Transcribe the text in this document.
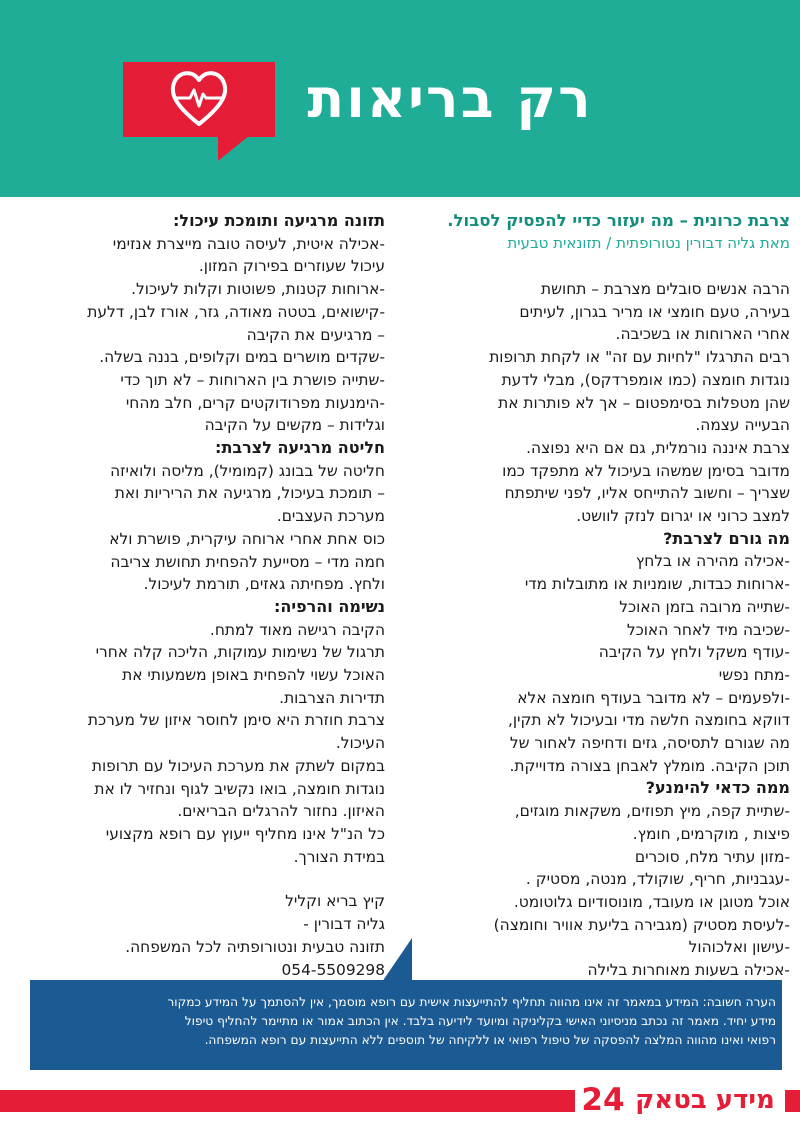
רק בריאות
צרבת כרונית – מה יעזור כדיי להפסיק לסבול.
מאת גליה דבורין נטורופתית / תזונאית טבעית
הרבה אנשים סובלים מצרבת – תחושת
בעירה, טעם חומצי או מריר בגרון, לעיתים
אחרי הארוחות או בשכיבה.
רבים התרגלו "לחיות עם זה" או לקחת תרופות
נוגדות חומצה (כמו אומפרדקס), מבלי לדעת
שהן מטפלות בסימפטום – אך לא פותרות את
הבעייה עצמה.
צרבת איננה נורמלית, גם אם היא נפוצה.
מדובר בסימן שמשהו בעיכול לא מתפקד כמו
שצריך – וחשוב להתייחס אליו, לפני שיתפתח
למצב כרוני או יגרום לנזק לוושט.
מה גורם לצרבת?
-אכילה מהירה או בלחץ
-ארוחות כבדות, שומניות או מתובלות מדי
-שתייה מרובה בזמן האוכל
-שכיבה מיד לאחר האוכל
-עודף משקל ולחץ על הקיבה
-מתח נפשי
-ולפעמים – לא מדובר בעודף חומצה אלא
דווקא בחומצה חלשה מדי ובעיכול לא תקין,
מה שגורם לתסיסה, גזים ודחיפה לאחור של
תוכן הקיבה. מומלץ לאבחן בצורה מדוייקת.
ממה כדאי להימנע?
-שתיית קפה, מיץ תפוזים, משקאות מוגזים,
פיצות , מוקרמים, חומץ.
-מזון עתיר מלח, סוכרים
-עגבניות, חריף, שוקולד, מנטה, מסטיק .
אוכל מטוגן או מעובד, מונוסודיום גלוטומט.
-לעיסת מסטיק (מגבירה בליעת אוויר וחומצה)
-עישון ואלכוהול
-אכילה בשעות מאוחרות בלילה
תזונה מרגיעה ותומכת עיכול:
-אכילה איטית, לעיסה טובה מייצרת אנזימי
עיכול שעוזרים בפירוק המזון.
-ארוחות קטנות, פשוטות וקלות לעיכול.
-קישואים, בטטה מאודה, גזר, אורז לבן, דלעת
– מרגיעים את הקיבה
-שקדים מושרים במים וקלופים, בננה בשלה.
-שתייה פושרת בין הארוחות – לא תוך כדי
-הימנעות מפרודוקטים קרים, חלב מהחי
וגלידות – מקשים על הקיבה
חליטה מרגיעה לצרבת:
חליטה של בבונג (קמומיל), מליסה ולואיזה
– תומכת בעיכול, מרגיעה את הריריות ואת
מערכת העצבים.
כוס אחת אחרי ארוחה עיקרית, פושרת ולא
חמה מדי – מסייעת להפחית תחושת צריבה
ולחץ. מפחיתה גאזים, תורמת לעיכול.
נשימה והרפיה:
הקיבה רגישה מאוד למתח.
תרגול של נשימות עמוקות, הליכה קלה אחרי
האוכל עשוי להפחית באופן משמעותי את
תדירות הצרבות.
צרבת חוזרת היא סימן לחוסר איזון של מערכת
העיכול.
במקום לשתק את מערכת העיכול עם תרופות
נוגדות חומצה, בואו נקשיב לגוף ונחזיר לו את
האיזון. נחזור להרגלים הבריאים.
כל הנ"ל אינו מחליף ייעוץ עם רופא מקצועי
במידת הצורך.
קיץ בריא וקליל
גליה דבורין -
תזונה טבעית ונטורופתיה לכל המשפחה.
054-5509298
הערה חשובה: המידע במאמר זה אינו מהווה תחליף להתייעצות אישית עם רופא מוסמך, אין להסתמך על המידע כמקור
מידע יחיד. מאמר זה נכתב מניסיוני האישי בקליניקה ומיועד לידיעה בלבד. אין הכתוב אמור או מתיימר להחליף טיפול
רפואי ואינו מהווה המלצה להפסקה של טיפול רפואי או ללקיחה של תוספים ללא התייעצות עם רופא המשפחה.
24 מידע בטאק
